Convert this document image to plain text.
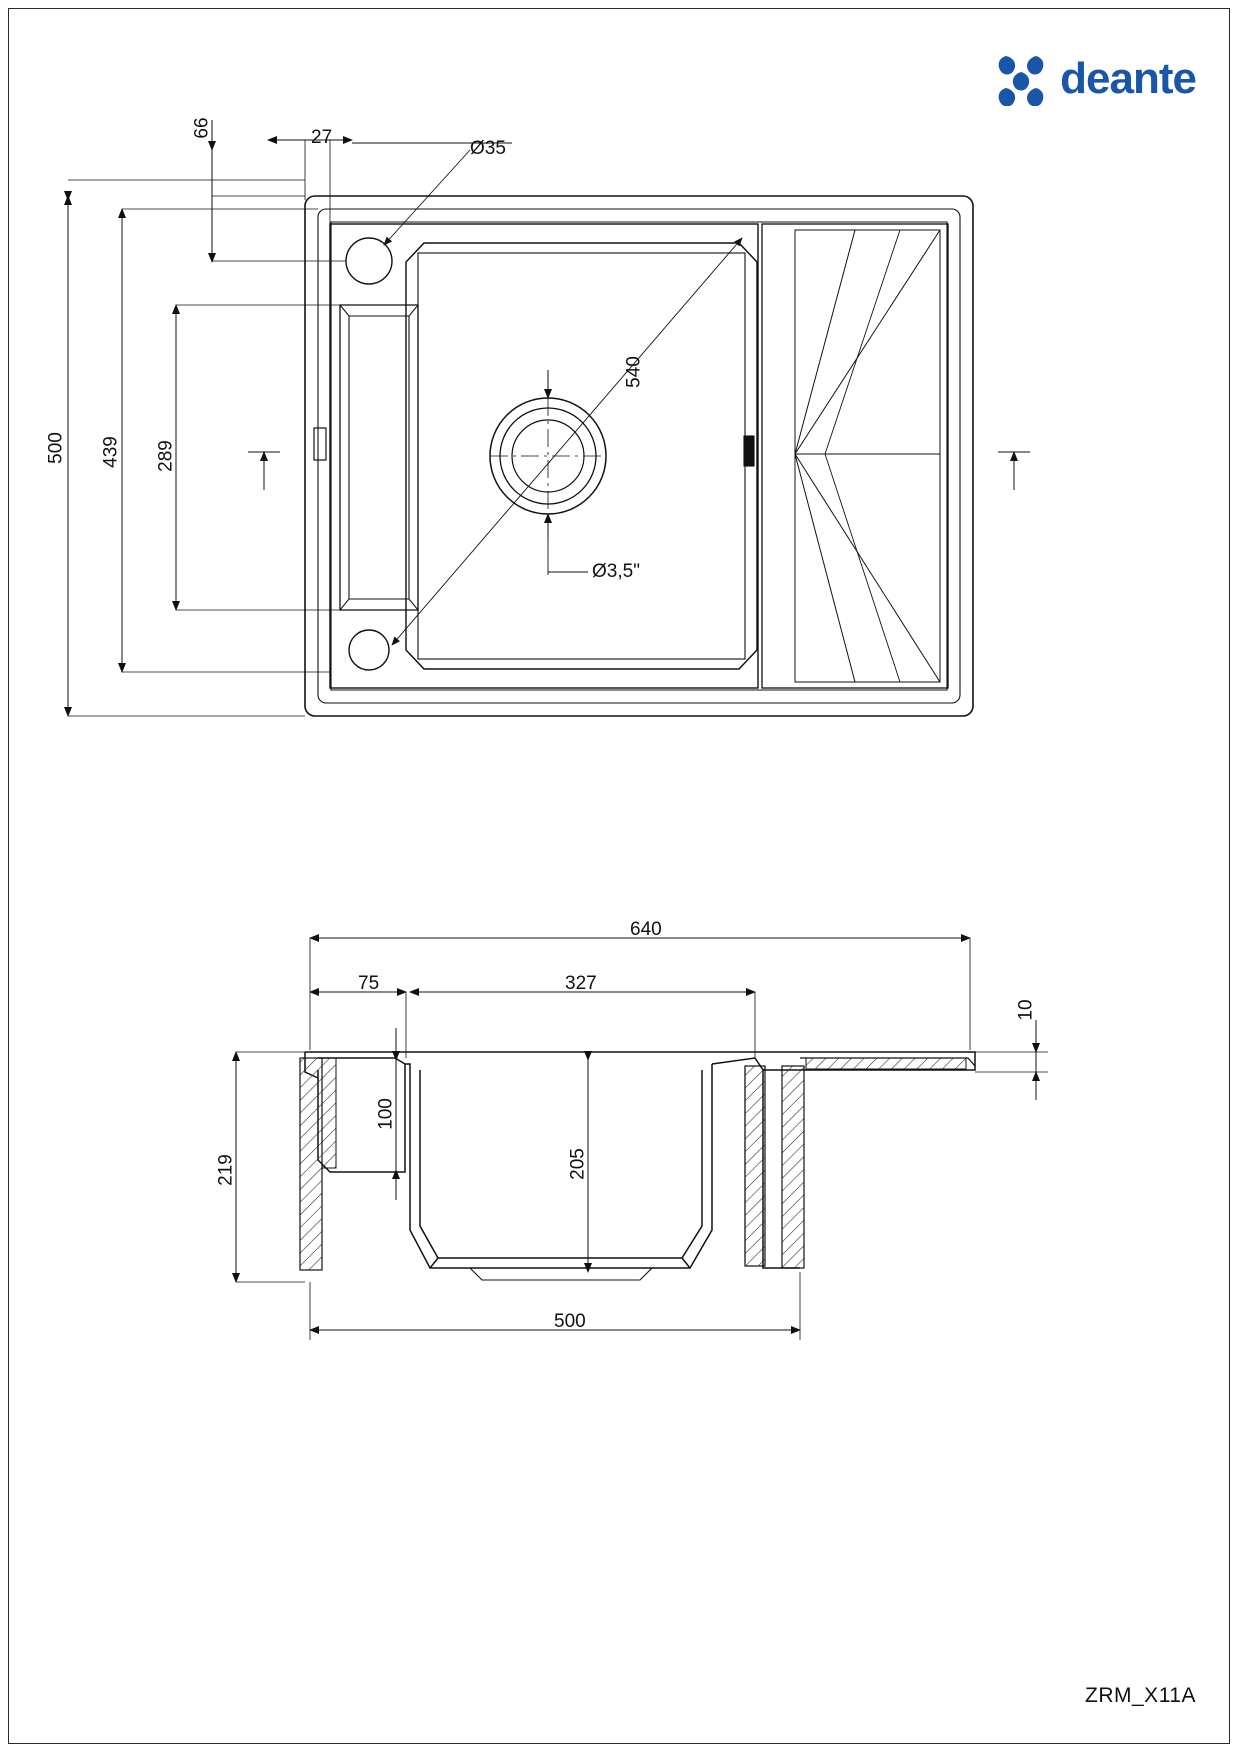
deante
500 439 289
66	27
Ø35
540
Ø3,5"
640
75	327
10
100
205
219
500
ZRM_X11A
